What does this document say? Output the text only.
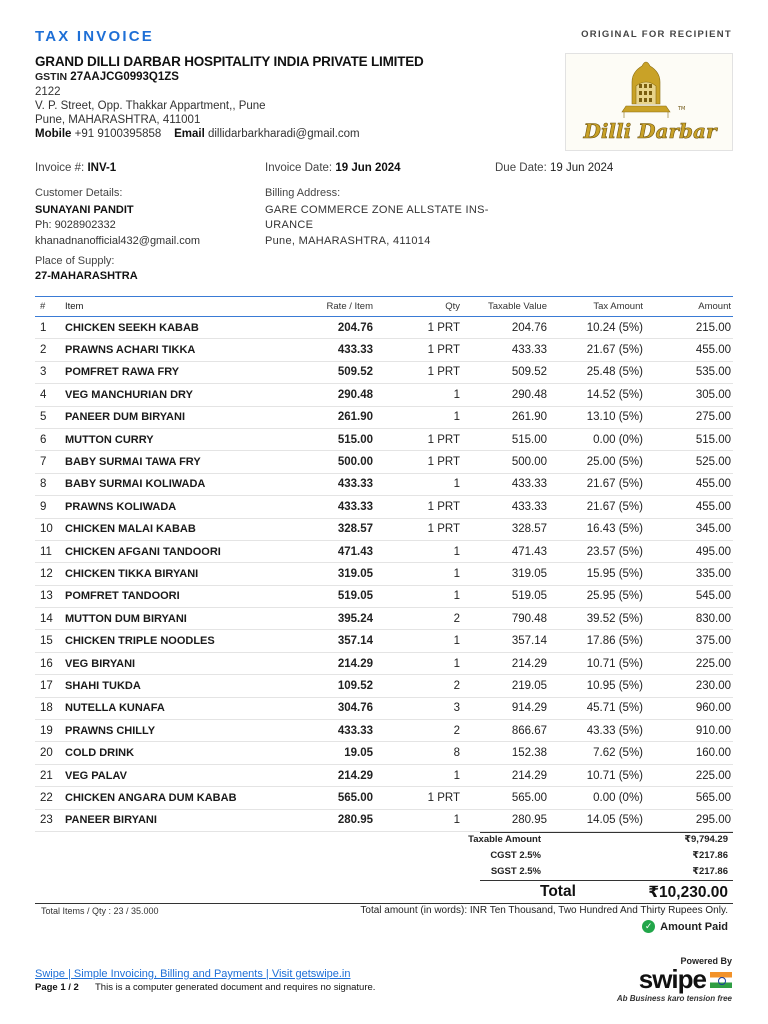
TAX INVOICE	ORIGINAL FOR RECIPIENT
GRAND DILLI DARBAR HOSPITALITY INDIA PRIVATE LIMITED
GSTIN 27AAJCG0993Q1ZS
2122
V. P. Street, Opp. Thakkar Appartment,, Pune
Pune, MAHARASHTRA, 411001
Mobile +91 9100395858 Email dillidarbarkharadi@gmail.com	Dilli Darbar
TM
Invoice #: INV-1	Invoice Date: 19 Jun 2024	Due Date: 19 Jun 2024
Customer Details:
SUNAYANI PANDIT
Ph: 9028902332
khanadnanofficial432@gmail.com
Place of Supply:
27-MAHARASHTRA
Billing Address:
GARE COMMERCE ZONE ALLSTATE INS-
URANCE
Pune, MAHARASHTRA, 411014
#	Item	Rate / Item	Qty	Taxable Value	Tax Amount	Amount
1	CHICKEN SEEKH KABAB	204.76	1 PRT	204.76	10.24 (5%)	215.00
2	PRAWNS ACHARI TIKKA	433.33	1 PRT	433.33	21.67 (5%)	455.00
3	POMFRET RAWA FRY	509.52	1 PRT	509.52	25.48 (5%)	535.00
4	VEG MANCHURIAN DRY	290.48	1	290.48	14.52 (5%)	305.00
5	PANEER DUM BIRYANI	261.90	1	261.90	13.10 (5%)	275.00
6	MUTTON CURRY	515.00	1 PRT	515.00	0.00 (0%)	515.00
7	BABY SURMAI TAWA FRY	500.00	1 PRT	500.00	25.00 (5%)	525.00
8	BABY SURMAI KOLIWADA	433.33	1	433.33	21.67 (5%)	455.00
9	PRAWNS KOLIWADA	433.33	1 PRT	433.33	21.67 (5%)	455.00
10	CHICKEN MALAI KABAB	328.57	1 PRT	328.57	16.43 (5%)	345.00
11	CHICKEN AFGANI TANDOORI	471.43	1	471.43	23.57 (5%)	495.00
12	CHICKEN TIKKA BIRYANI	319.05	1	319.05	15.95 (5%)	335.00
13	POMFRET TANDOORI	519.05	1	519.05	25.95 (5%)	545.00
14	MUTTON DUM BIRYANI	395.24	2	790.48	39.52 (5%)	830.00
15	CHICKEN TRIPLE NOODLES	357.14	1	357.14	17.86 (5%)	375.00
16	VEG BIRYANI	214.29	1	214.29	10.71 (5%)	225.00
17	SHAHI TUKDA	109.52	2	219.05	10.95 (5%)	230.00
18	NUTELLA KUNAFA	304.76	3	914.29	45.71 (5%)	960.00
19	PRAWNS CHILLY	433.33	2	866.67	43.33 (5%)	910.00
20	COLD DRINK	19.05	8	152.38	7.62 (5%)	160.00
21	VEG PALAV	214.29	1	214.29	10.71 (5%)	225.00
22	CHICKEN ANGARA DUM KABAB	565.00	1 PRT	565.00	0.00 (0%)	565.00
23	PANEER BIRYANI	280.95	1	280.95	14.05 (5%)	295.00
Taxable Amount	₹9,794.29
CGST 2.5%	₹217.86
SGST 2.5%	₹217.86
Total	₹10,230.00
Total Items / Qty : 23 / 35.000	Total amount (in words): INR Ten Thousand, Two Hundred And Thirty Rupees Only.
✓ Amount Paid
Swipe | Simple Invoicing, Billing and Payments | Visit getswipe.in
Page 1 / 2 This is a computer generated document and requires no signature.
Powered By
swipe
Ab Business karo tension free
